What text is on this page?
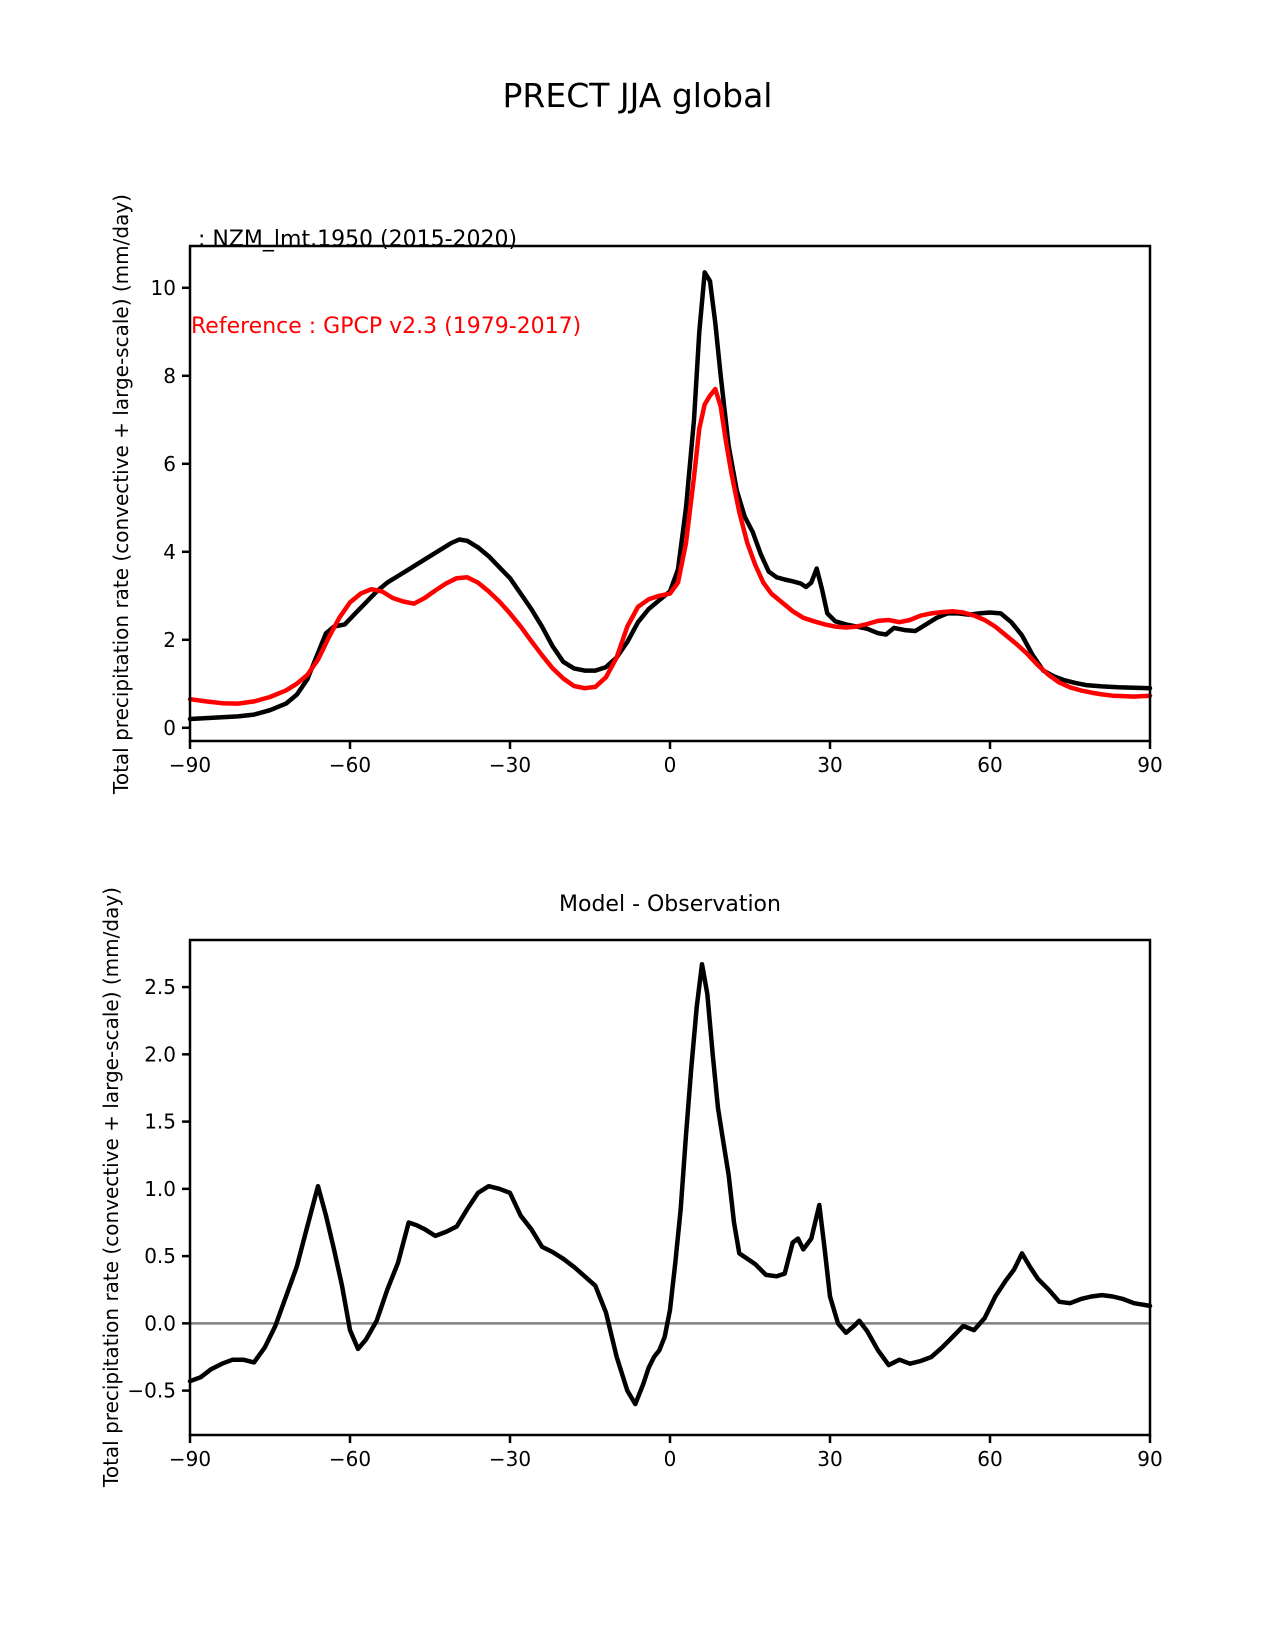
PRECT JJA global

: NZM_lmt.1950 (2015-2020)

Reference : GPCP v2.3 (1979-2017)

Total precipitation rate (convective + large-scale) (mm/day)
Model - Observation
Total precipitation rate (convective + large-scale) (mm/day)
−90	−60	−30	0	30	60	90
0
2
4
6
8
10
−90	−60	−30	0	30	60	90
−0.5
0.0
0.5
1.0
1.5
2.0
2.5
